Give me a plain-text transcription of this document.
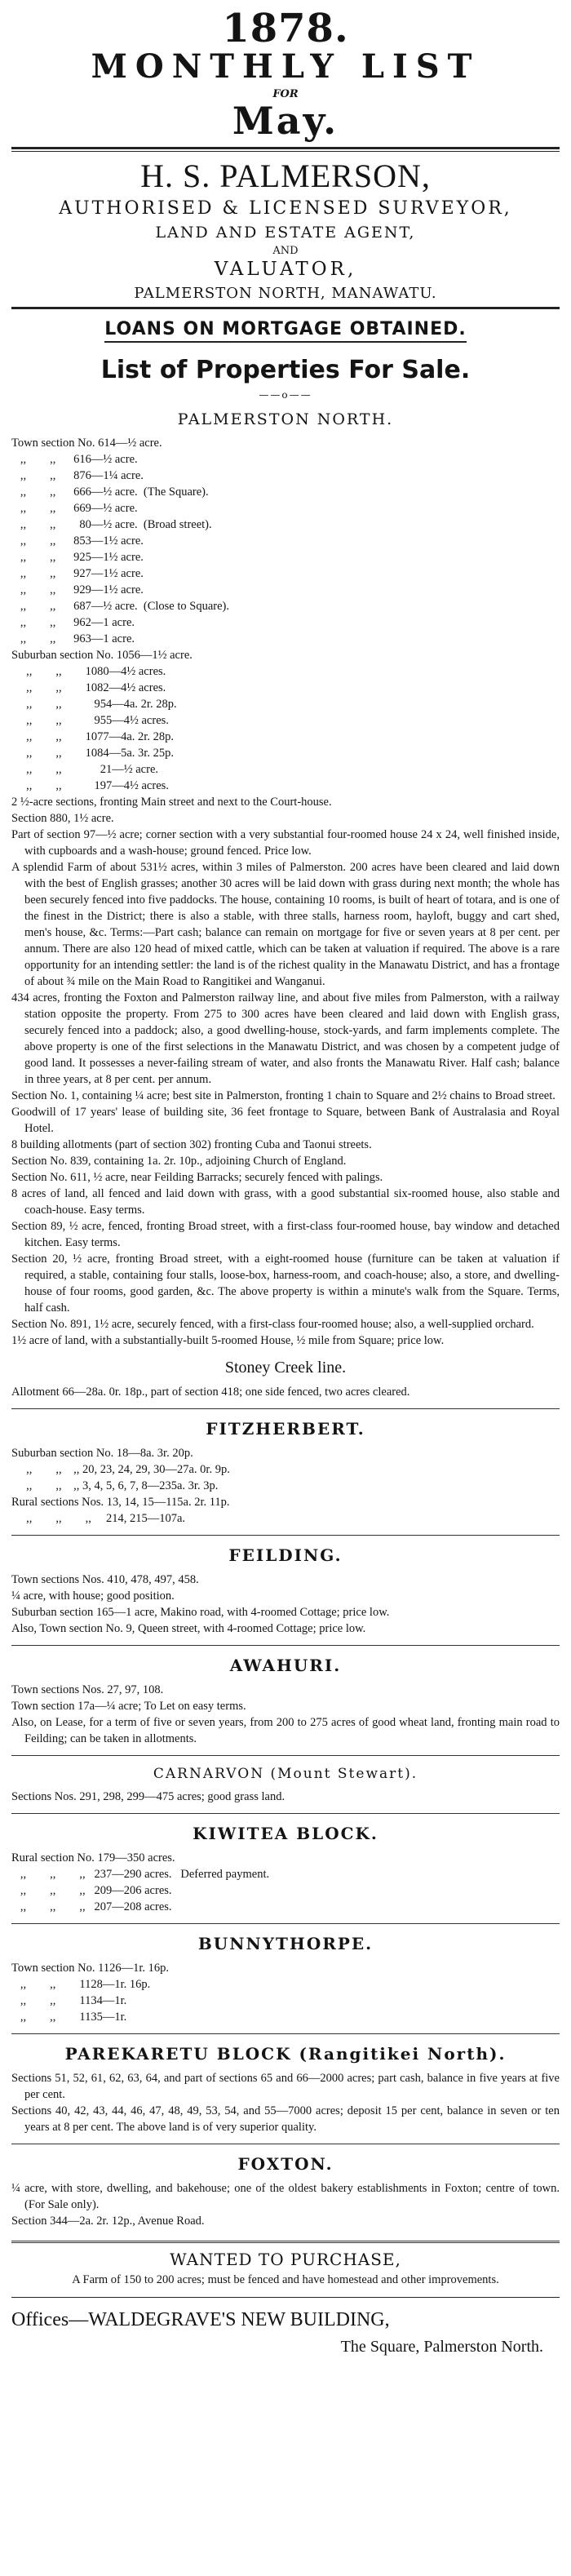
1878.
MONTHLY LIST
FOR
May.
H. S. PALMERSON,
AUTHORISED & LICENSED SURVEYOR,
LAND AND ESTATE AGENT,
AND
VALUATOR,
PALMERSTON NORTH, MANAWATU.
LOANS ON MORTGAGE OBTAINED.
List of Properties For Sale.
——o——
PALMERSTON NORTH.

Town section No. 614—½ acre.

,,        ,,      616—½ acre.

,,        ,,      876—1¼ acre.

,,        ,,      666—½ acre.  (The Square).

,,        ,,      669—½ acre.

,,        ,,        80—½ acre.  (Broad street).

,,        ,,      853—1½ acre.

,,        ,,      925—1½ acre.

,,        ,,      927—1½ acre.

,,        ,,      929—1½ acre.

,,        ,,      687—½ acre.  (Close to Square).

,,        ,,      962—1 acre.

,,        ,,      963—1 acre.

Suburban section No. 1056—1½ acre.

,,        ,,        1080—4½ acres.

,,        ,,        1082—4½ acres.

,,        ,,           954—4a. 2r. 28p.

,,        ,,           955—4½ acres.

,,        ,,        1077—4a. 2r. 28p.

,,        ,,        1084—5a. 3r. 25p.

,,        ,,             21—½ acre.

,,        ,,           197—4½ acres.

2 ½-acre sections, fronting Main street and next to the Court-house.

Section 880, 1½ acre.

Part of section 97—½ acre; corner section with a very substantial four-roomed house 24 x 24, well finished inside, with cupboards and a wash-house; ground fenced. Price low.

A splendid Farm of about 531½ acres, within 3 miles of Palmerston. 200 acres have been cleared and laid down with the best of English grasses; another 30 acres will be laid down with grass during next month; the whole has been securely fenced into five paddocks. The house, containing 10 rooms, is built of heart of totara, and is one of the finest in the District; there is also a stable, with three stalls, harness room, hayloft, buggy and cart shed, men's house, &c. Terms:—Part cash; balance can remain on mortgage for five or seven years at 8 per cent. per annum. There are also 120 head of mixed cattle, which can be taken at valuation if required. The above is a rare opportunity for an intending settler: the land is of the richest quality in the Manawatu District, and has a frontage of about ¾ mile on the Main Road to Rangitikei and Wanganui.

434 acres, fronting the Foxton and Palmerston railway line, and about five miles from Palmerston, with a railway station opposite the property. From 275 to 300 acres have been cleared and laid down with English grass, securely fenced into a paddock; also, a good dwelling-house, stock-yards, and farm implements complete. The above property is one of the first selections in the Manawatu District, and was chosen by a competent judge of good land. It possesses a never-failing stream of water, and also fronts the Manawatu River. Half cash; balance in three years, at 8 per cent. per annum.

Section No. 1, containing ¼ acre; best site in Palmerston, fronting 1 chain to Square and 2½ chains to Broad street.

Goodwill of 17 years' lease of building site, 36 feet frontage to Square, between Bank of Australasia and Royal Hotel.

8 building allotments (part of section 302) fronting Cuba and Taonui streets.

Section No. 839, containing 1a. 2r. 10p., adjoining Church of England.

Section No. 611, ½ acre, near Feilding Barracks; securely fenced with palings.

8 acres of land, all fenced and laid down with grass, with a good substantial six-roomed house, also stable and coach-house. Easy terms.

Section 89, ½ acre, fenced, fronting Broad street, with a first-class four-roomed house, bay window and detached kitchen. Easy terms.

Section 20, ½ acre, fronting Broad street, with a eight-roomed house (furniture can be taken at valuation if required, a stable, containing four stalls, loose-box, harness-room, and coach-house; also, a store, and dwelling-house of four rooms, good garden, &c. The above property is within a minute's walk from the Square. Terms, half cash.

Section No. 891, 1½ acre, securely fenced, with a first-class four-roomed house; also, a well-supplied orchard.

1½ acre of land, with a substantially-built 5-roomed House, ½ mile from Square; price low.

Stoney Creek line.

Allotment 66—28a. 0r. 18p., part of section 418; one side fenced, two acres cleared.

FITZHERBERT.

Suburban section No. 18—8a. 3r. 20p.

,,        ,,    ,, 20, 23, 24, 29, 30—27a. 0r. 9p.

,,        ,,    ,, 3, 4, 5, 6, 7, 8—235a. 3r. 3p.

Rural sections Nos. 13, 14, 15—115a. 2r. 11p.

,,        ,,        ,,     214, 215—107a.

FEILDING.

Town sections Nos. 410, 478, 497, 458.

¼ acre, with house; good position.

Suburban section 165—1 acre, Makino road, with 4-roomed Cottage; price low.

Also, Town section No. 9, Queen street, with 4-roomed Cottage; price low.

AWAHURI.

Town sections Nos. 27, 97, 108.

Town section 17a—¼ acre; To Let on easy terms.

Also, on Lease, for a term of five or seven years, from 200 to 275 acres of good wheat land, fronting main road to Feilding; can be taken in allotments.

CARNARVON (Mount Stewart).

Sections Nos. 291, 298, 299—475 acres; good grass land.

KIWITEA BLOCK.

Rural section No. 179—350 acres.

,,        ,,        ,,   237—290 acres.   Deferred payment.

,,        ,,        ,,   209—206 acres.

,,        ,,        ,,   207—208 acres.

BUNNYTHORPE.

Town section No. 1126—1r. 16p.

,,        ,,        1128—1r. 16p.

,,        ,,        1134—1r.

,,        ,,        1135—1r.

PAREKARETU BLOCK (Rangitikei North).

Sections 51, 52, 61, 62, 63, 64, and part of sections 65 and 66—2000 acres; part cash, balance in five years at five per cent.

Sections 40, 42, 43, 44, 46, 47, 48, 49, 53, 54, and 55—7000 acres; deposit 15 per cent, balance in seven or ten years at 8 per cent. The above land is of very superior quality.

FOXTON.

¼ acre, with store, dwelling, and bakehouse; one of the oldest bakery establishments in Foxton; centre of town. (For Sale only).

Section 344—2a. 2r. 12p., Avenue Road.

WANTED TO PURCHASE,
A Farm of 150 to 200 acres; must be fenced and have homestead and other improvements.
Offices—WALDEGRAVE'S NEW BUILDING,
The Square, Palmerston North.
